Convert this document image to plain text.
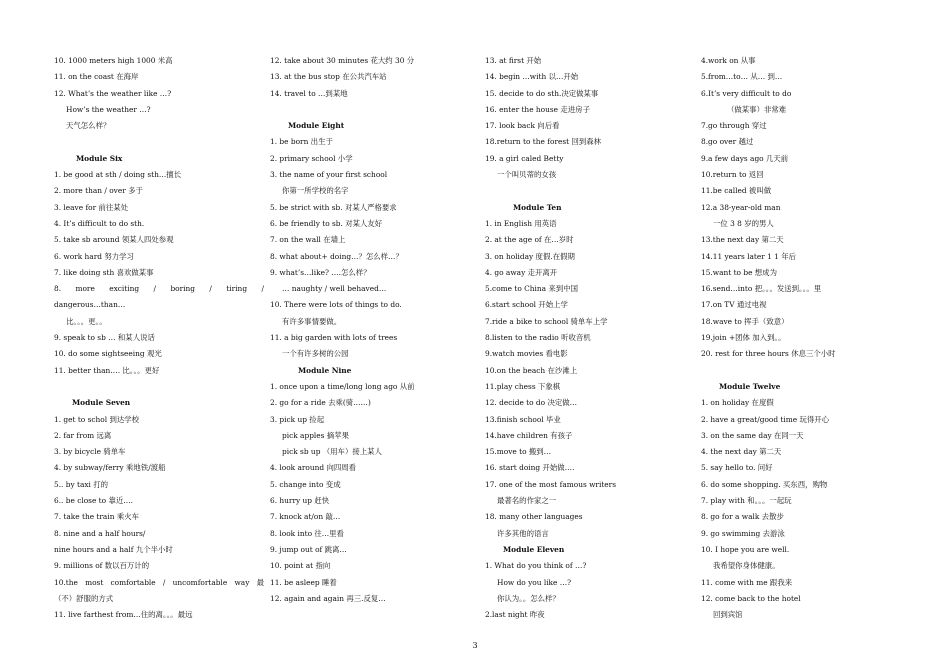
10. 1000 meters high 1000 米高
11. on the coast 在海岸
12. What’s the weather like …?
How’s the weather …?
天气怎么样？
Module Six
1. be good at sth / doing sth…擅长
2. more than / over 多于
3. leave for 前往某处
4. It’s difficult to do sth.
5. take sb around 领某人四处参观
6. work hard 努力学习
7. like doing sth 喜欢做某事
8. more exciting / boring / tiring /
dangerous…than…
比。。。更。。
9. speak to sb … 和某人说话
10. do some sightseeing 观光
11. better than…. 比。。。更好
Module Seven
1. get to schol 到达学校
2. far from 远离
3. by bicycle 骑单车
4. by subway/ferry 乘地铁/渡船
5.. by taxi 打的
6.. be close to 靠近….
7. take the train 乘火车
8. nine and a half hours/
nine hours and a half 九个半小时
9. millions of 数以百万计的
10.the most comfortable / uncomfortable way 最
（不）舒服的方式
11. live farthest from…住的离。。。最远
12. take about 30 minutes 花大约 30 分
13. at the bus stop 在公共汽车站
14. travel to …到某地
Module Eight
1. be born 出生于
2. primary school 小学
3. the name of your first school
你第一所学校的名字
5. be strict with sb. 对某人严格要求
6. be friendly to sb. 对某人友好
7. on the wall 在墙上
8. what about+ doing…？怎么样…？
9. what’s…like? ….怎么样？
… naughty / well behaved…
10. There were lots of things to do.
有许多事情要做。
11. a big garden with lots of trees
一个有许多树的公园
Module Nine
1. once upon a time/long long ago 从前
2. go for a ride 去乘(骑……)
3. pick up 捡起
pick apples 摘苹果
pick sb up （用车）接上某人
4. look around 向四周看
5. change into 变成
6. hurry up 赶快
7. knock at/on 敲…
8. look into 往…里看
9. jump out of 跳离…
10. point at 指向
11. be asleep 睡着
12. again and again 再三.反复…
13. at first 开始
14. begin …with 以…开始
15. decide to do sth.决定做某事
16. enter the house 走进房子
17. look back 向后看
18.return to the forest 回到森林
19. a girl caled Betty
一个叫贝蒂的女孩
Module Ten
1. in English 用英语
2. at the age of 在…岁时
3. on holiday 度假.在假期
4. go away 走开离开
5.come to China 来到中国
6.start school 开始上学
7.ride a bike to school 骑单车上学
8.listen to the radio 听收音机
9.watch movies 看电影
10.on the beach 在沙滩上
11.play chess 下象棋
12. decide to do 决定做…
13.finish school 毕业
14.have children 有孩子
15.move to 搬到…
16. start doing 开始做….
17. one of the most famous writers
最著名的作家之一
18. many other languages
许多其他的语言
Module Eleven
1. What do you think of …?
How do you like …?
你认为。。怎么样？
2.last night 昨夜
4.work on 从事
5.from…to… 从… 到…
6.It’s very difficult to do
（做某事）非常难
7.go through 穿过
8.go over 越过
9.a few days ago 几天前
10.return to 返回
11.be called 被叫做
12.a 38-year-old man
一位 3 8 岁的男人
13.the next day 第二天
14.11 years later 1 1 年后
15.want to be 想成为
16.send…into 把。。。发送到。。。里
17.on TV 通过电视
18.wave to 挥手（致意）
19.join +团体 加入到。。
20. rest for three hours 休息三个小时
Module Twelve
1. on holiday 在度假
2. have a great/good time 玩得开心
3. on the same day 在同一天
4. the next day 第二天
5. say hello to. 问好
6. do some shopping. 买东西，购物
7. play with 和。。。一起玩
8. go for a walk 去散步
9. go swimming 去游泳
10. I hope you are well.
我希望你身体健康。
11. come with me 跟我来
12. come back to the hotel
回到宾馆
3
